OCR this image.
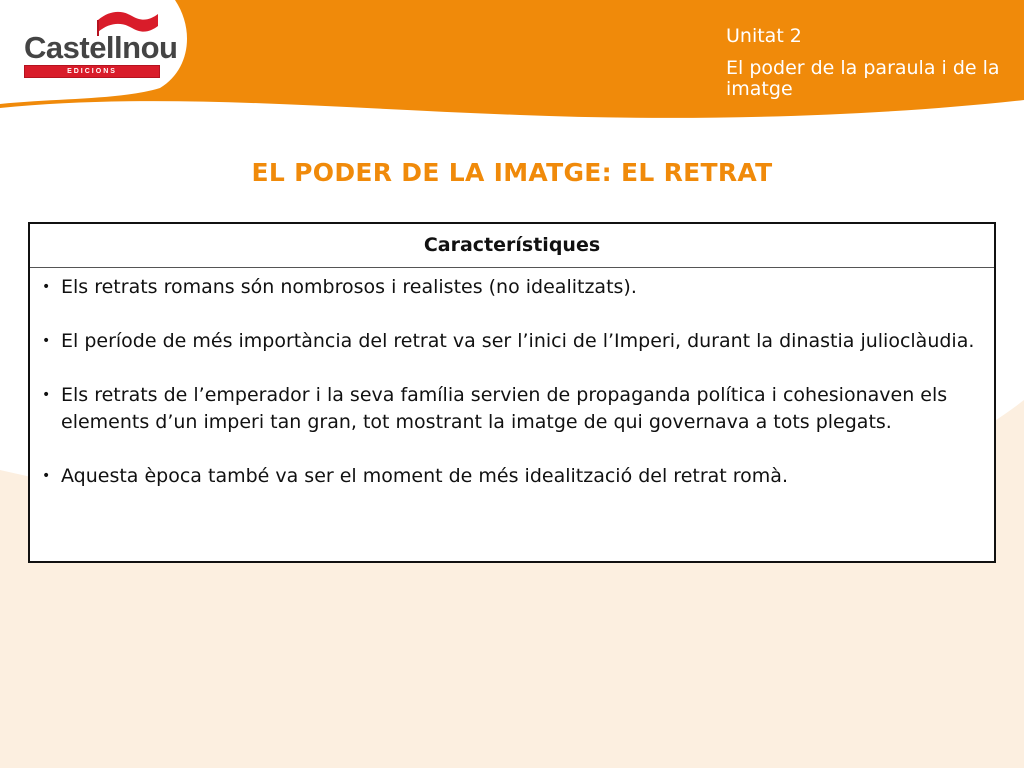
Castellnou
EDICIONS
Unitat 2
El poder de la paraula i de la imatge
EL PODER DE LA IMATGE: EL RETRAT
Característiques
• Els retrats romans són nombrosos i realistes (no idealitzats).
• El període de més importància del retrat va ser l’inici de l’Imperi, durant la dinastia julioclàudia.
• Els retrats de l’emperador i la seva família servien de propaganda política i cohesionaven els elements d’un imperi tan gran, tot mostrant la imatge de qui governava a tots plegats.
• Aquesta època també va ser el moment de més idealització del retrat romà.
